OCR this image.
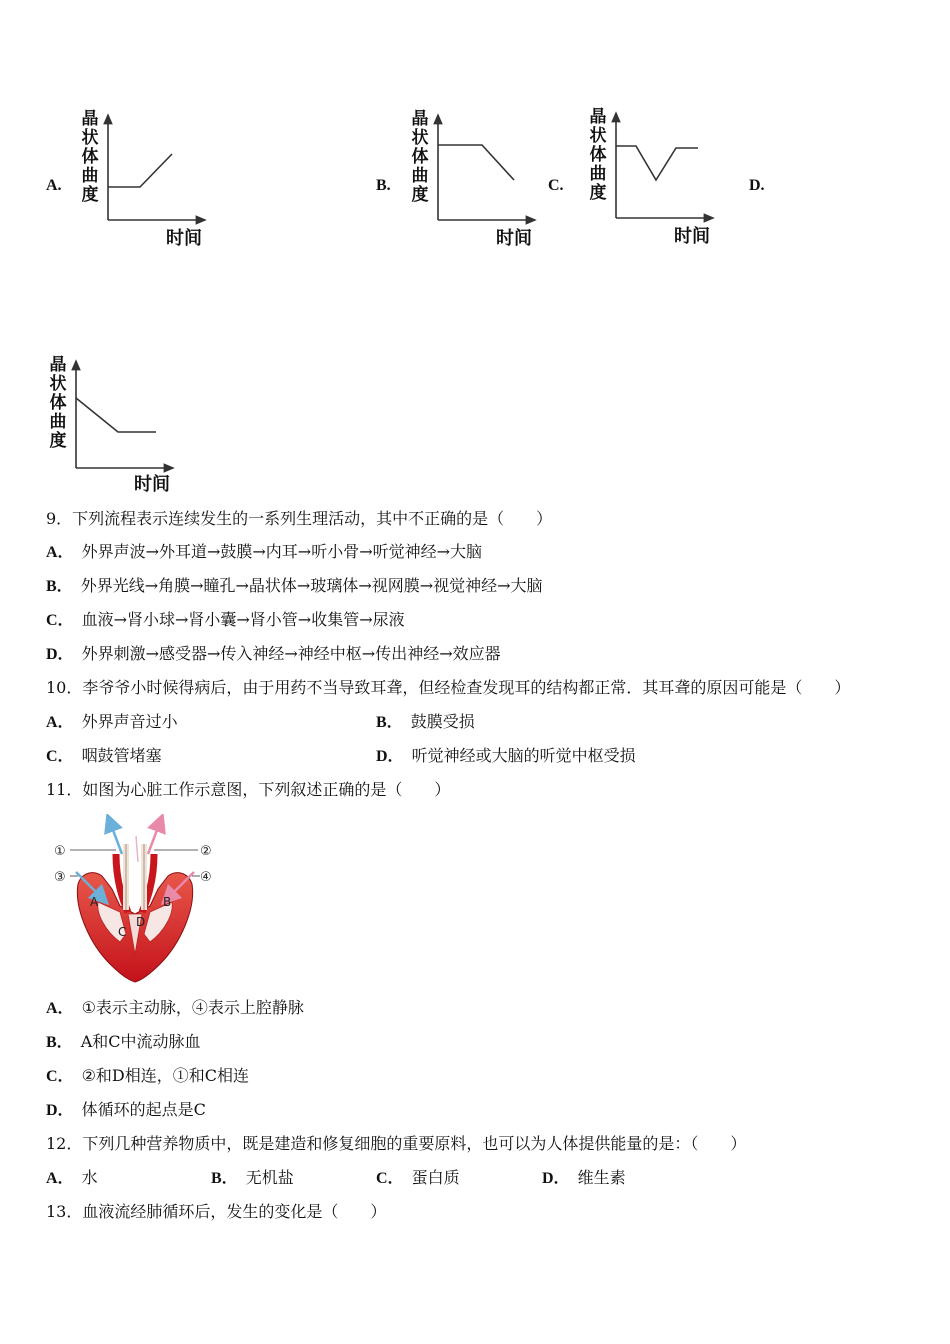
A.	B.	C.	D.
晶状体曲度
时间
晶状体曲度
时间
晶状体曲度
时间
晶状体曲度
时间
9．下列流程表示连续发生的一系列生理活动，其中不正确的是（　　）
A． 外界声波→外耳道→鼓膜→内耳→听小骨→听觉神经→大脑
B． 外界光线→角膜→瞳孔→晶状体→玻璃体→视网膜→视觉神经→大脑
C． 血液→肾小球→肾小囊→肾小管→收集管→尿液
D． 外界刺激→感受器→传入神经→神经中枢→传出神经→效应器
10．李爷爷小时候得病后，由于用药不当导致耳聋，但经检查发现耳的结构都正常．其耳聋的原因可能是（　　）
A． 外界声音过小	B． 鼓膜受损
C． 咽鼓管堵塞	D． 听觉神经或大脑的听觉中枢受损
11．如图为心脏工作示意图，下列叙述正确的是（　　）
①	②
③	④
A	B
C
D
A． ①表示主动脉，④表示上腔静脉
B． A和C中流动脉血
C． ②和D相连，①和C相连
D． 体循环的起点是C
12．下列几种营养物质中，既是建造和修复细胞的重要原料，也可以为人体提供能量的是：（　　）
A． 水	B． 无机盐	C． 蛋白质	D． 维生素
13．血液流经肺循环后，发生的变化是（　　）
